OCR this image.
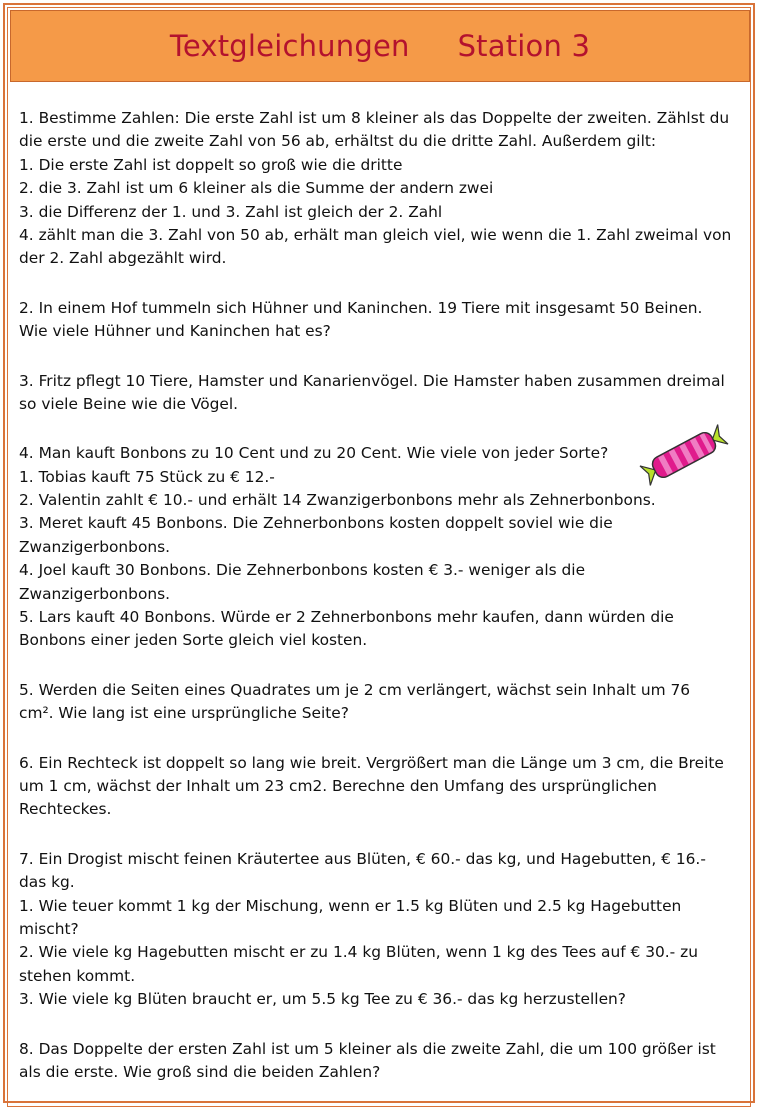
Textgleichungen Station 3
1. Bestimme Zahlen: Die erste Zahl ist um 8 kleiner als das Doppelte der zweiten. Zählst du
die erste und die zweite Zahl von 56 ab, erhältst du die dritte Zahl. Außerdem gilt:
1. Die erste Zahl ist doppelt so groß wie die dritte
2. die 3. Zahl ist um 6 kleiner als die Summe der andern zwei
3. die Differenz der 1. und 3. Zahl ist gleich der 2. Zahl
4. zählt man die 3. Zahl von 50 ab, erhält man gleich viel, wie wenn die 1. Zahl zweimal von
der 2. Zahl abgezählt wird.
2. In einem Hof tummeln sich Hühner und Kaninchen. 19 Tiere mit insgesamt 50 Beinen.
Wie viele Hühner und Kaninchen hat es?
3. Fritz pflegt 10 Tiere, Hamster und Kanarienvögel. Die Hamster haben zusammen dreimal
so viele Beine wie die Vögel.
4. Man kauft Bonbons zu 10 Cent und zu 20 Cent. Wie viele von jeder Sorte?
1. Tobias kauft 75 Stück zu € 12.-
2. Valentin zahlt € 10.- und erhält 14 Zwanzigerbonbons mehr als Zehnerbonbons.
3. Meret kauft 45 Bonbons. Die Zehnerbonbons kosten doppelt soviel wie die
Zwanzigerbonbons.
4. Joel kauft 30 Bonbons. Die Zehnerbonbons kosten € 3.- weniger als die
Zwanzigerbonbons.
5. Lars kauft 40 Bonbons. Würde er 2 Zehnerbonbons mehr kaufen, dann würden die
Bonbons einer jeden Sorte gleich viel kosten.
5. Werden die Seiten eines Quadrates um je 2 cm verlängert, wächst sein Inhalt um 76
cm². Wie lang ist eine ursprüngliche Seite?
6. Ein Rechteck ist doppelt so lang wie breit. Vergrößert man die Länge um 3 cm, die Breite
um 1 cm, wächst der Inhalt um 23 cm2. Berechne den Umfang des ursprünglichen
Rechteckes.
7. Ein Drogist mischt feinen Kräutertee aus Blüten, € 60.- das kg, und Hagebutten, € 16.-
das kg.
1. Wie teuer kommt 1 kg der Mischung, wenn er 1.5 kg Blüten und 2.5 kg Hagebutten
mischt?
2. Wie viele kg Hagebutten mischt er zu 1.4 kg Blüten, wenn 1 kg des Tees auf € 30.- zu
stehen kommt.
3. Wie viele kg Blüten braucht er, um 5.5 kg Tee zu € 36.- das kg herzustellen?
8. Das Doppelte der ersten Zahl ist um 5 kleiner als die zweite Zahl, die um 100 größer ist
als die erste. Wie groß sind die beiden Zahlen?
